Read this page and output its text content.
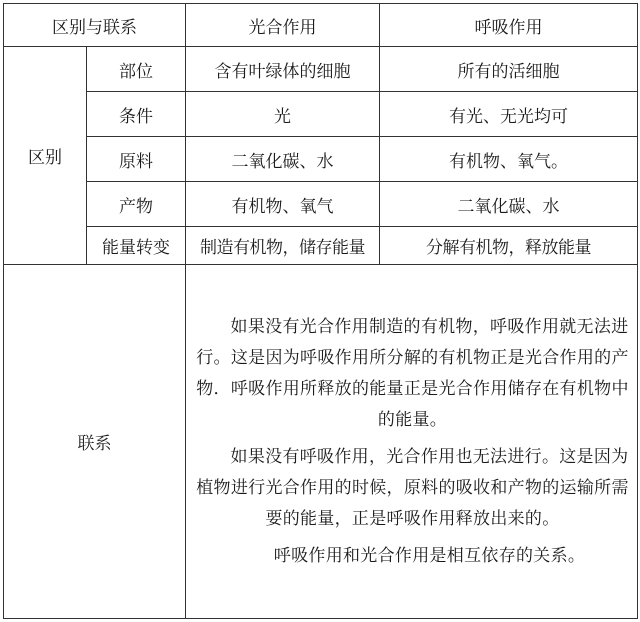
区别与联系		光合作用	呼吸作用
区别	部位	含有叶绿体的细胞	所有的活细胞
	条件	光	有光、无光均可
	原料	二氧化碳、水	有机物、氧气。
	产物	有机物、氧气	二氧化碳、水
	能量转变	制造有机物，储存能量	分解有机物，释放能量
联系		如果没有光合作用制造的有机物，呼吸作用就无法进行。这是因为呼吸作用所分解的有机物正是光合作用的产物．呼吸作用所释放的能量正是光合作用储存在有机物中的能量。

如果没有呼吸作用，光合作用也无法进行。这是因为植物进行光合作用的时候，原料的吸收和产物的运输所需要的能量，正是呼吸作用释放出来的。

呼吸作用和光合作用是相互依存的关系。	
